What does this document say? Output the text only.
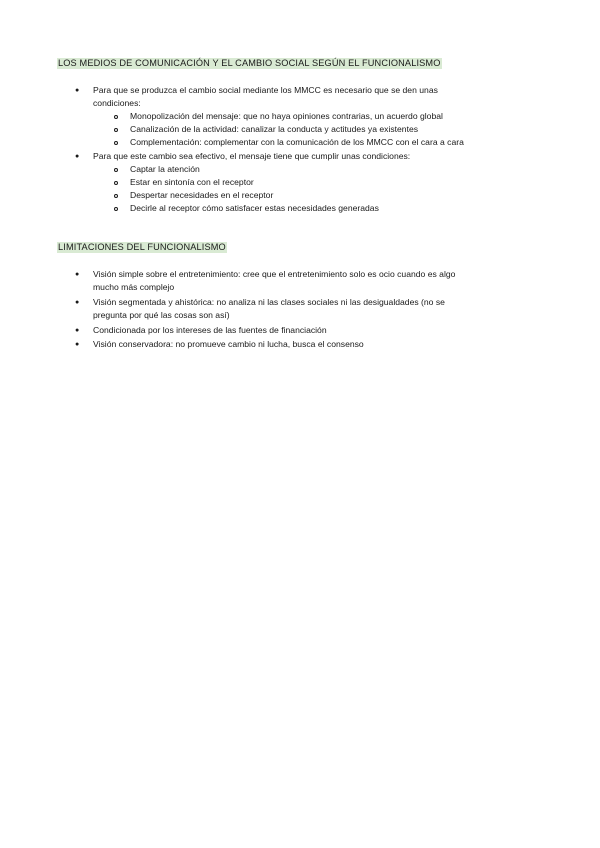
LOS MEDIOS DE COMUNICACIÓN Y EL CAMBIO SOCIAL SEGÚN EL FUNCIONALISMO
● Para que se produzca el cambio social mediante los MMCC es necesario que se den unas
condiciones:
Monopolización del mensaje: que no haya opiniones contrarias, un acuerdo global
Canalización de la actividad: canalizar la conducta y actitudes ya existentes
Complementación: complementar con la comunicación de los MMCC con el cara a cara
● Para que este cambio sea efectivo, el mensaje tiene que cumplir unas condiciones:
Captar la atención
Estar en sintonía con el receptor
Despertar necesidades en el receptor
Decirle al receptor cómo satisfacer estas necesidades generadas
LIMITACIONES DEL FUNCIONALISMO
● Visión simple sobre el entretenimiento: cree que el entretenimiento solo es ocio cuando es algo
mucho más complejo
● Visión segmentada y ahistórica: no analiza ni las clases sociales ni las desigualdades (no se
pregunta por qué las cosas son así)
● Condicionada por los intereses de las fuentes de financiación
● Visión conservadora: no promueve cambio ni lucha, busca el consenso
